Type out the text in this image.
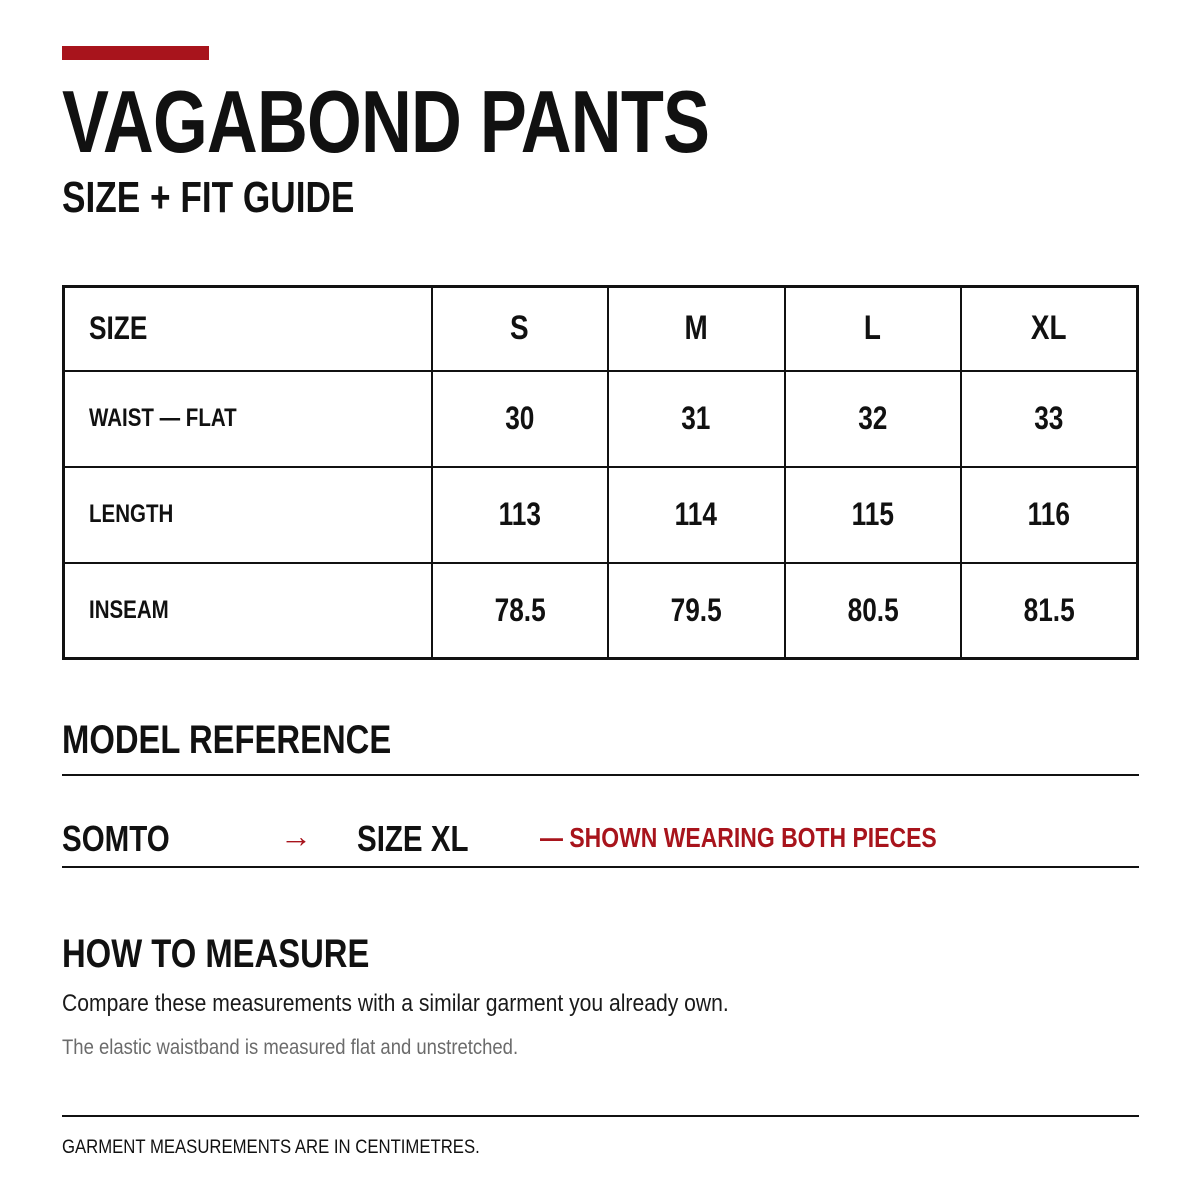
VAGABOND PANTS
SIZE + FIT GUIDE
SIZE	S	M	L	XL
WAIST — FLAT	30	31	32	33
LENGTH	113	114	115	116
INSEAM	78.5	79.5	80.5	81.5
MODEL REFERENCE
SOMTO	→ SIZE XL	— SHOWN WEARING BOTH PIECES
HOW TO MEASURE
Compare these measurements with a similar garment you already own.
The elastic waistband is measured flat and unstretched.
GARMENT MEASUREMENTS ARE IN CENTIMETRES.
